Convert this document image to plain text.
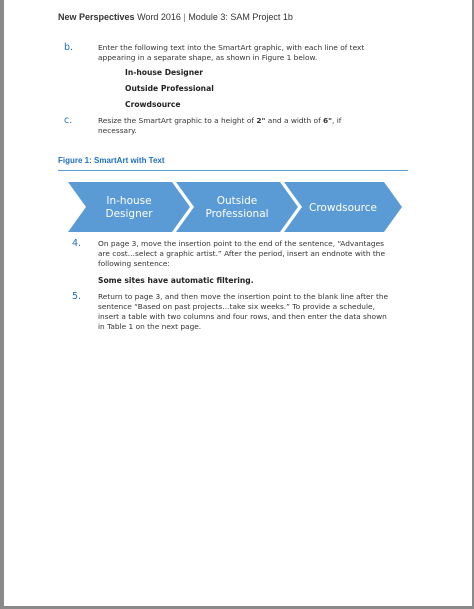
New Perspectives Word 2016 | Module 3: SAM Project 1b
b.	Enter the following text into the SmartArt graphic, with each line of text
appearing in a separate shape, as shown in Figure 1 below.
In-house Designer
Outside Professional
Crowdsource
c.	Resize the SmartArt graphic to a height of 2" and a width of 6", if
necessary.
Figure 1: SmartArt with Text
In-house
Designer
Outside
Professional	Crowdsource
4. On page 3, move the insertion point to the end of the sentence, “Advantages
are cost…select a graphic artist.” After the period, insert an endnote with the
following sentence:
Some sites have automatic filtering.
5. Return to page 3, and then move the insertion point to the blank line after the
sentence “Based on past projects…take six weeks.” To provide a schedule,
insert a table with two columns and four rows, and then enter the data shown
in Table 1 on the next page.
